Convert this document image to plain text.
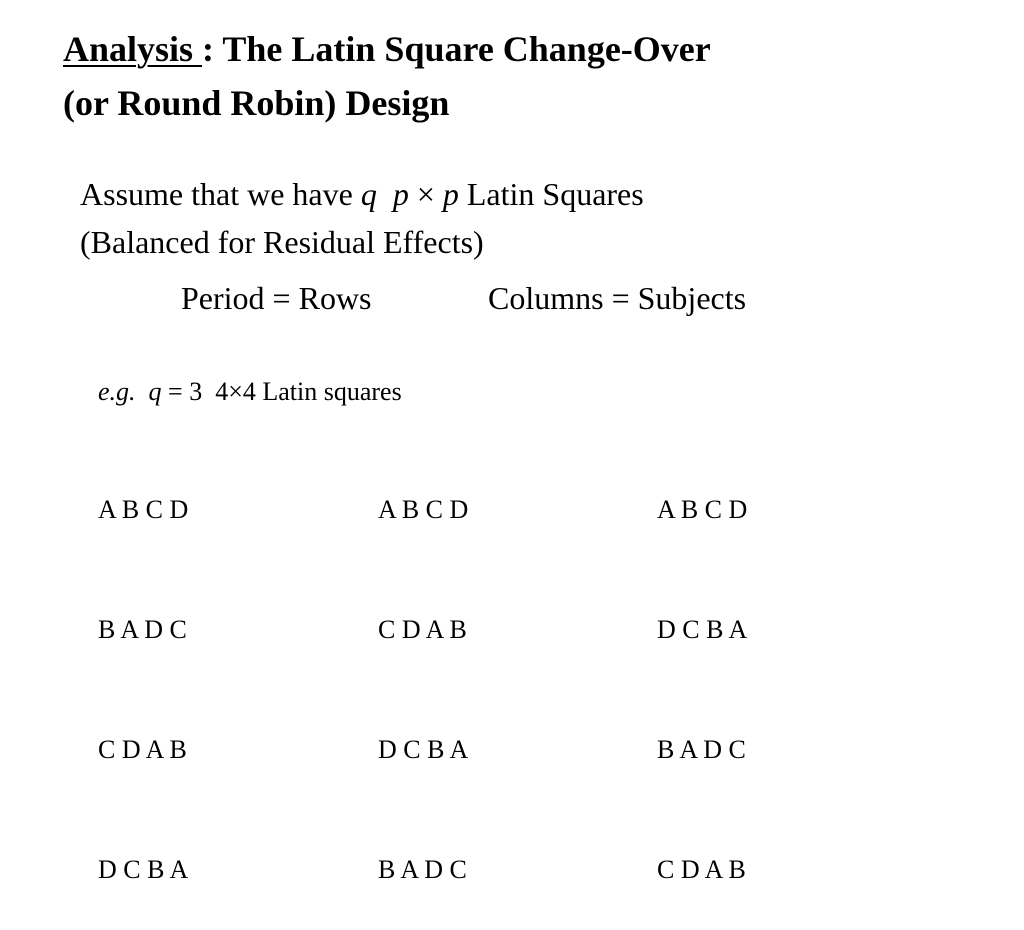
Analysis : The Latin Square Change-Over
(or Round Robin) Design
Assume that we have q p × p Latin Squares
(Balanced for Residual Effects)
Period = Rows	Columns = Subjects
e.g. q = 3  4×4 Latin squares

A B C D

B A D C

C D A B

D C B A

A B C D

C D A B

D C B A

B A D C

A B C D

D C B A

B A D C

C D A B
